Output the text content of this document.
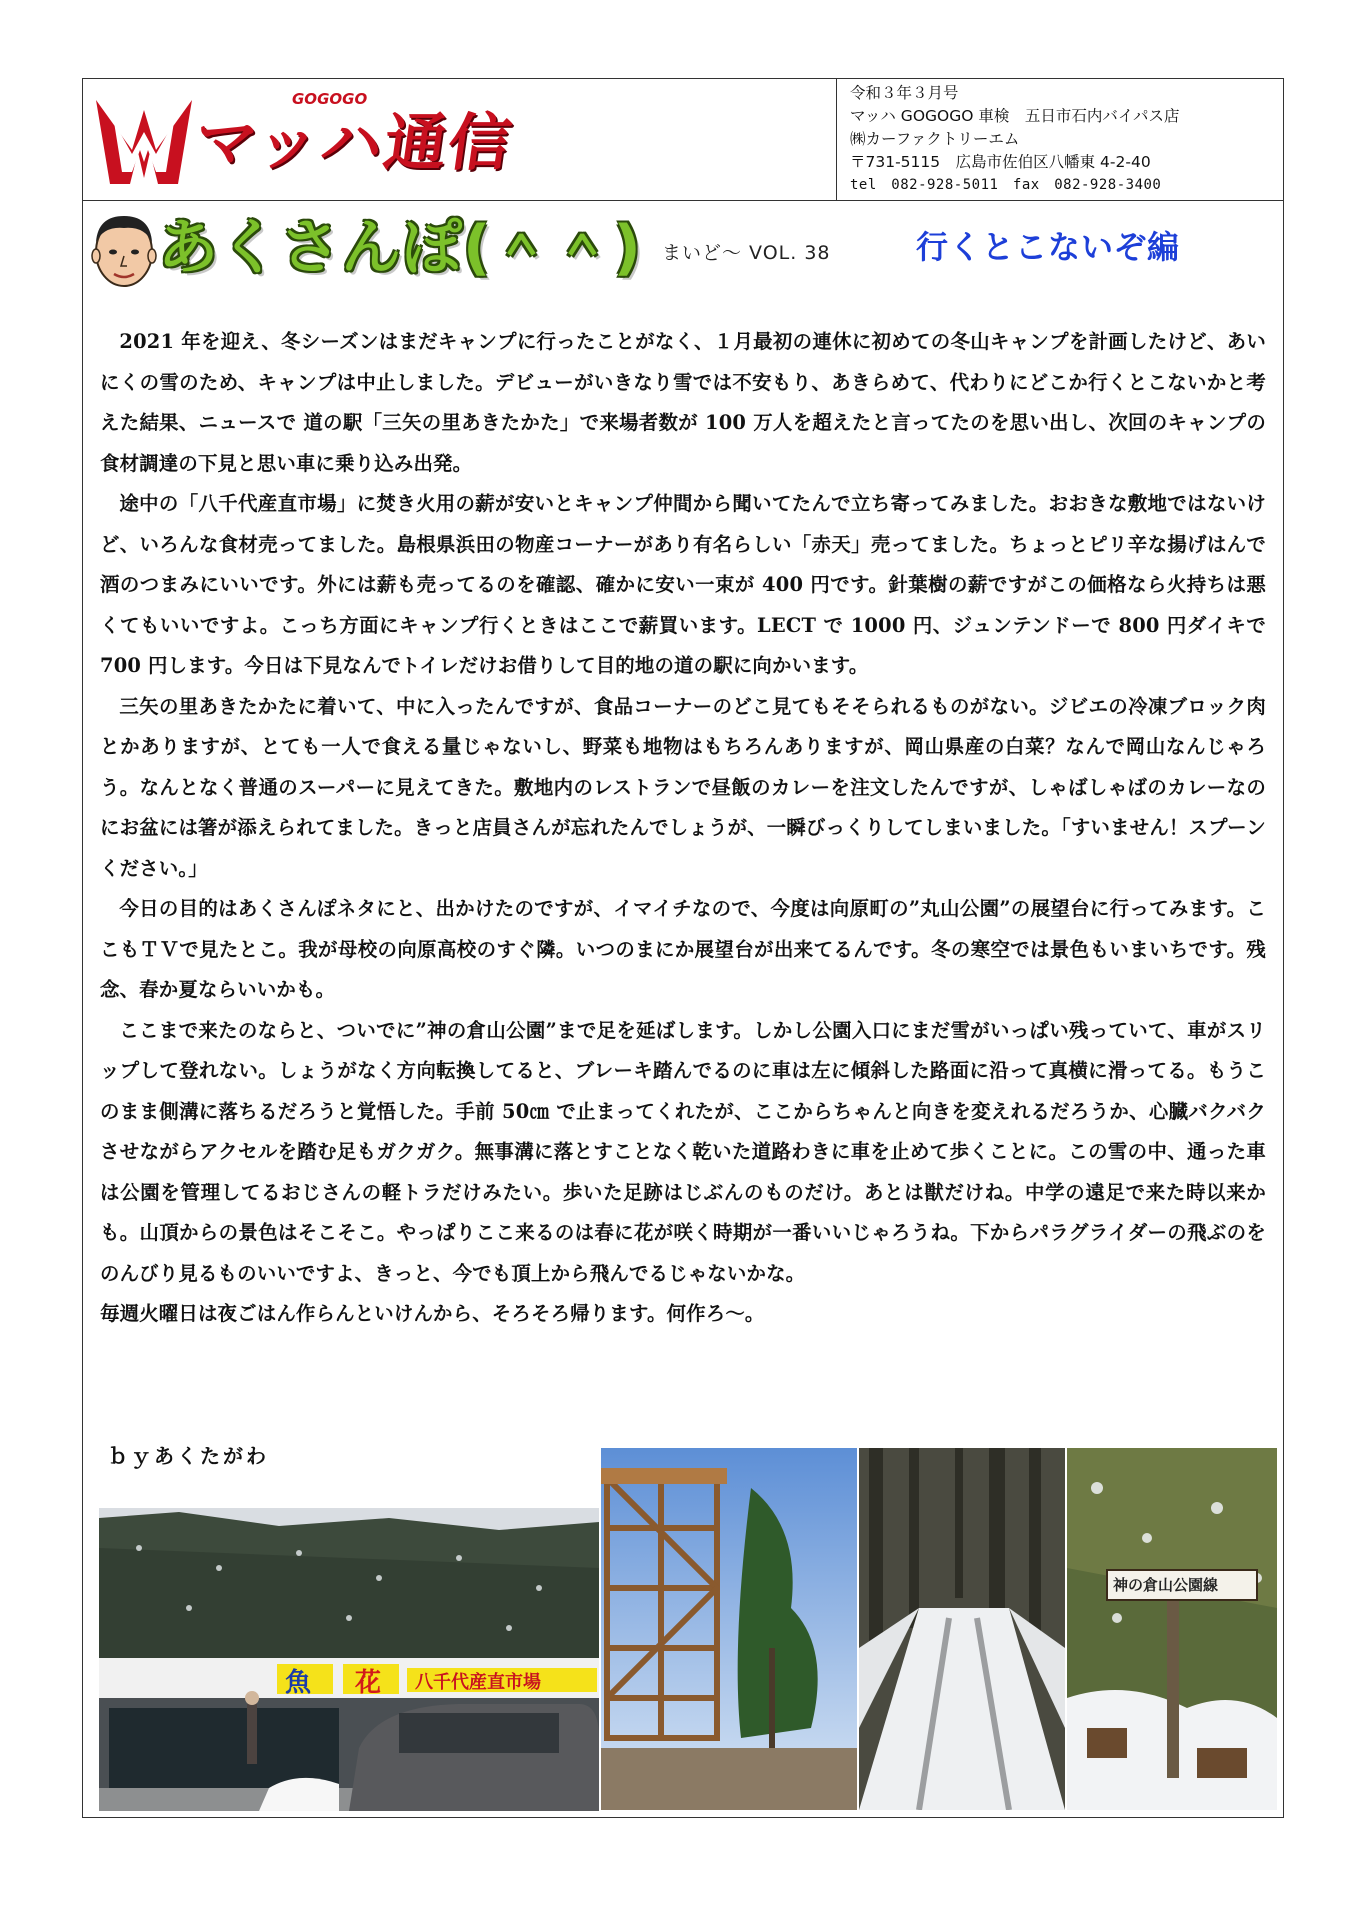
GOGOGO
マッハ通信
令和３年３月号
マッハ GOGOGO 車検　五日市石内バイパス店
㈱カーファクトリーエム
〒731-5115　広島市佐伯区八幡東 4-2-40
tel　082-928-5011　fax　082-928-3400
あくさんぽ(＾＾) まいど～ VOL. 38	行くとこないぞ編

2021 年を迎え、冬シーズンはまだキャンプに行ったことがなく、１月最初の連休に初めての冬山キャンプを計画したけど、あいにくの雪のため、キャンプは中止しました。デビューがいきなり雪では不安もり、あきらめて、代わりにどこか行くとこないかと考えた結果、ニュースで 道の駅「三矢の里あきたかた」で来場者数が 100 万人を超えたと言ってたのを思い出し、次回のキャンプの食材調達の下見と思い車に乗り込み出発。

途中の「八千代産直市場」に焚き火用の薪が安いとキャンプ仲間から聞いてたんで立ち寄ってみました。おおきな敷地ではないけど、いろんな食材売ってました。島根県浜田の物産コーナーがあり有名らしい「赤天」売ってました。ちょっとピリ辛な揚げはんで酒のつまみにいいです。外には薪も売ってるのを確認、確かに安い一束が 400 円です。針葉樹の薪ですがこの価格なら火持ちは悪くてもいいですよ。こっち方面にキャンプ行くときはここで薪買います。LECT で 1000 円、ジュンテンドーで 800 円ダイキで 700 円します。今日は下見なんでトイレだけお借りして目的地の道の駅に向かいます。

三矢の里あきたかたに着いて、中に入ったんですが、食品コーナーのどこ見てもそそられるものがない。ジビエの冷凍ブロック肉とかありますが、とても一人で食える量じゃないし、野菜も地物はもちろんありますが、岡山県産の白菜？なんで岡山なんじゃろう。なんとなく普通のスーパーに見えてきた。敷地内のレストランで昼飯のカレーを注文したんですが、しゃばしゃばのカレーなのにお盆には箸が添えられてました。きっと店員さんが忘れたんでしょうが、一瞬びっくりしてしまいました。「すいません！スプーンください。」

今日の目的はあくさんぽネタにと、出かけたのですが、イマイチなので、今度は向原町の”丸山公園”の展望台に行ってみます。ここもＴＶで見たとこ。我が母校の向原高校のすぐ隣。いつのまにか展望台が出来てるんです。冬の寒空では景色もいまいちです。残念、春か夏ならいいかも。

ここまで来たのならと、ついでに”神の倉山公園”まで足を延ばします。しかし公園入口にまだ雪がいっぱい残っていて、車がスリップして登れない。しょうがなく方向転換してると、ブレーキ踏んでるのに車は左に傾斜した路面に沿って真横に滑ってる。もうこのまま側溝に落ちるだろうと覚悟した。手前 50㎝ で止まってくれたが、ここからちゃんと向きを変えれるだろうか、心臓バクバクさせながらアクセルを踏む足もガクガク。無事溝に落とすことなく乾いた道路わきに車を止めて歩くことに。この雪の中、通った車は公園を管理してるおじさんの軽トラだけみたい。歩いた足跡はじぶんのものだけ。あとは獣だけね。中学の遠足で来た時以来かも。山頂からの景色はそこそこ。やっぱりここ来るのは春に花が咲く時期が一番いいじゃろうね。下からパラグライダーの飛ぶのをのんびり見るものいいですよ、きっと、今でも頂上から飛んでるじゃないかな。

毎週火曜日は夜ごはん作らんといけんから、そろそろ帰ります。何作ろ～。

ｂｙあくたがわ
魚 花 八千代産直市場
神の倉山公園線
